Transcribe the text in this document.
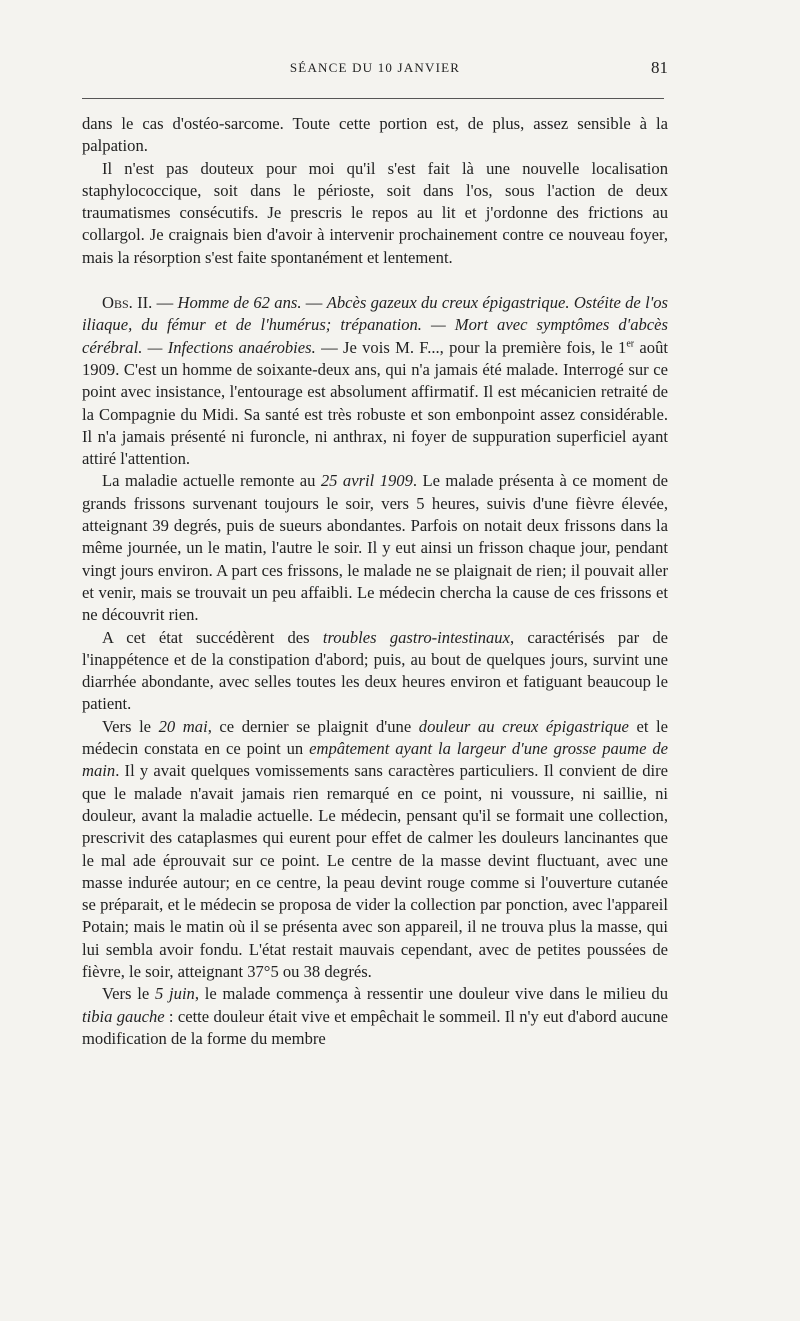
SÉANCE DU 10 JANVIER	81

dans le cas d'ostéo-sarcome. Toute cette portion est, de plus, assez sensible à la palpation.

Il n'est pas douteux pour moi qu'il s'est fait là une nouvelle localisation staphylococcique, soit dans le périoste, soit dans l'os, sous l'action de deux traumatismes consécutifs. Je prescris le repos au lit et j'ordonne des frictions au collargol. Je craignais bien d'avoir à intervenir prochainement contre ce nouveau foyer, mais la résorption s'est faite spontanément et lentement.

Obs. II. — Homme de 62 ans. — Abcès gazeux du creux épigastrique. Ostéite de l'os iliaque, du fémur et de l'humérus; trépanation. — Mort avec symptômes d'abcès cérébral. — Infections anaérobies. — Je vois M. F..., pour la première fois, le 1er août 1909. C'est un homme de soixante-deux ans, qui n'a jamais été malade. Interrogé sur ce point avec insistance, l'entourage est absolument affirmatif. Il est mécanicien retraité de la Compagnie du Midi. Sa santé est très robuste et son embonpoint assez considérable. Il n'a jamais présenté ni furoncle, ni anthrax, ni foyer de suppuration superficiel ayant attiré l'attention.

La maladie actuelle remonte au 25 avril 1909. Le malade présenta à ce moment de grands frissons survenant toujours le soir, vers 5 heures, suivis d'une fièvre élevée, atteignant 39 degrés, puis de sueurs abondantes. Parfois on notait deux frissons dans la même journée, un le matin, l'autre le soir. Il y eut ainsi un frisson chaque jour, pendant vingt jours environ. A part ces frissons, le malade ne se plaignait de rien; il pouvait aller et venir, mais se trouvait un peu affaibli. Le médecin chercha la cause de ces frissons et ne découvrit rien.

A cet état succédèrent des troubles gastro-intestinaux, caractérisés par de l'inappétence et de la constipation d'abord; puis, au bout de quelques jours, survint une diarrhée abondante, avec selles toutes les deux heures environ et fatiguant beaucoup le patient.

Vers le 20 mai, ce dernier se plaignit d'une douleur au creux épigastrique et le médecin constata en ce point un empâtement ayant la largeur d'une grosse paume de main. Il y avait quelques vomissements sans caractères particuliers. Il convient de dire que le malade n'avait jamais rien remarqué en ce point, ni voussure, ni saillie, ni douleur, avant la maladie actuelle. Le médecin, pensant qu'il se formait une collection, prescrivit des cataplasmes qui eurent pour effet de calmer les douleurs lancinantes que le mal ade éprouvait sur ce point. Le centre de la masse devint fluctuant, avec une masse indurée autour; en ce centre, la peau devint rouge comme si l'ouverture cutanée se préparait, et le médecin se proposa de vider la collection par ponction, avec l'appareil Potain; mais le matin où il se présenta avec son appareil, il ne trouva plus la masse, qui lui sembla avoir fondu. L'état restait mauvais cependant, avec de petites poussées de fièvre, le soir, atteignant 37°5 ou 38 degrés.

Vers le 5 juin, le malade commença à ressentir une douleur vive dans le milieu du tibia gauche : cette douleur était vive et empêchait le sommeil. Il n'y eut d'abord aucune modification de la forme du membre
